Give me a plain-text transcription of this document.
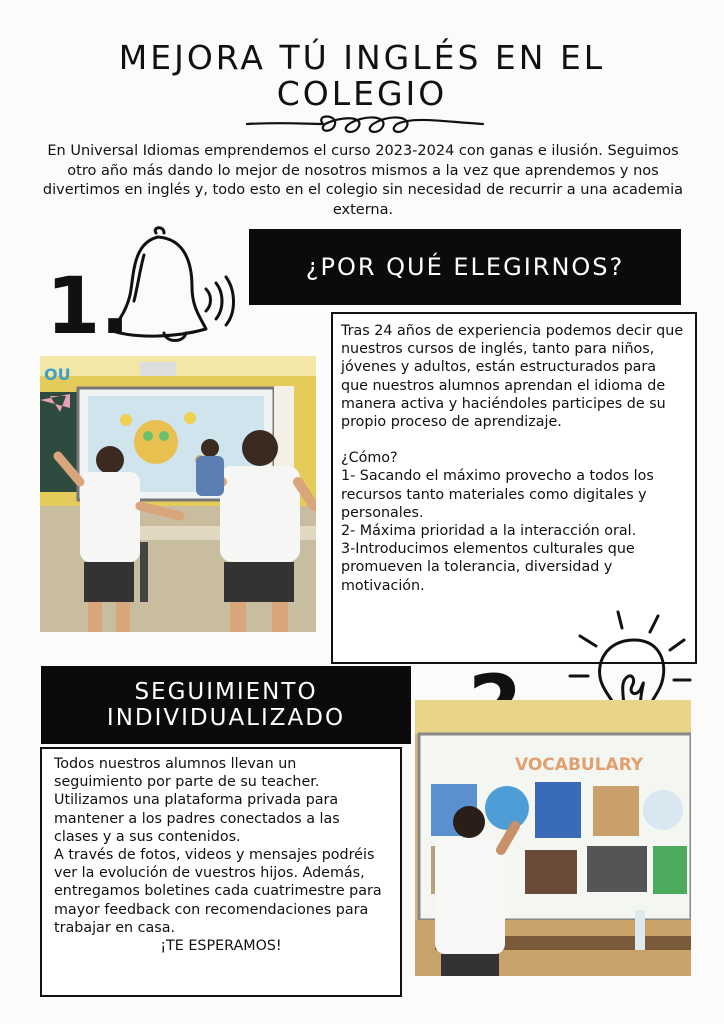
MEJORA TÚ INGLÉS EN EL COLEGIO

En Universal Idiomas emprendemos el curso 2023-2024 con ganas e ilusión. Seguimos otro año más dando lo mejor de nosotros mismos a la vez que aprendemos y nos divertimos en inglés y, todo esto en el colegio sin necesidad de recurrir a una academia externa.

1.	¿POR QUÉ ELEGIRNOS?
OU

Tras 24 años de experiencia podemos decir que nuestros cursos de inglés, tanto para niños, jóvenes y adultos, están estructurados para que nuestros alumnos aprendan el idioma de manera activa y haciéndoles participes de su propio proceso de aprendizaje.

¿Cómo?

1- Sacando el máximo provecho a todos los recursos tanto materiales como digitales y personales.

2- Máxima prioridad a la interacción oral.

3-Introducimos elementos culturales que promueven la tolerancia, diversidad y motivación.

SEGUIMIENTO INDIVIDUALIZADO

Todos nuestros alumnos llevan un seguimiento por parte de su teacher. Utilizamos una plataforma privada para mantener a los padres conectados a las clases y a sus contenidos.

A través de fotos, videos y mensajes podréis ver la evolución de vuestros hijos. Además, entregamos boletines cada cuatrimestre para mayor feedback con recomendaciones para trabajar en casa.

¡TE ESPERAMOS!

VOCABULARY
